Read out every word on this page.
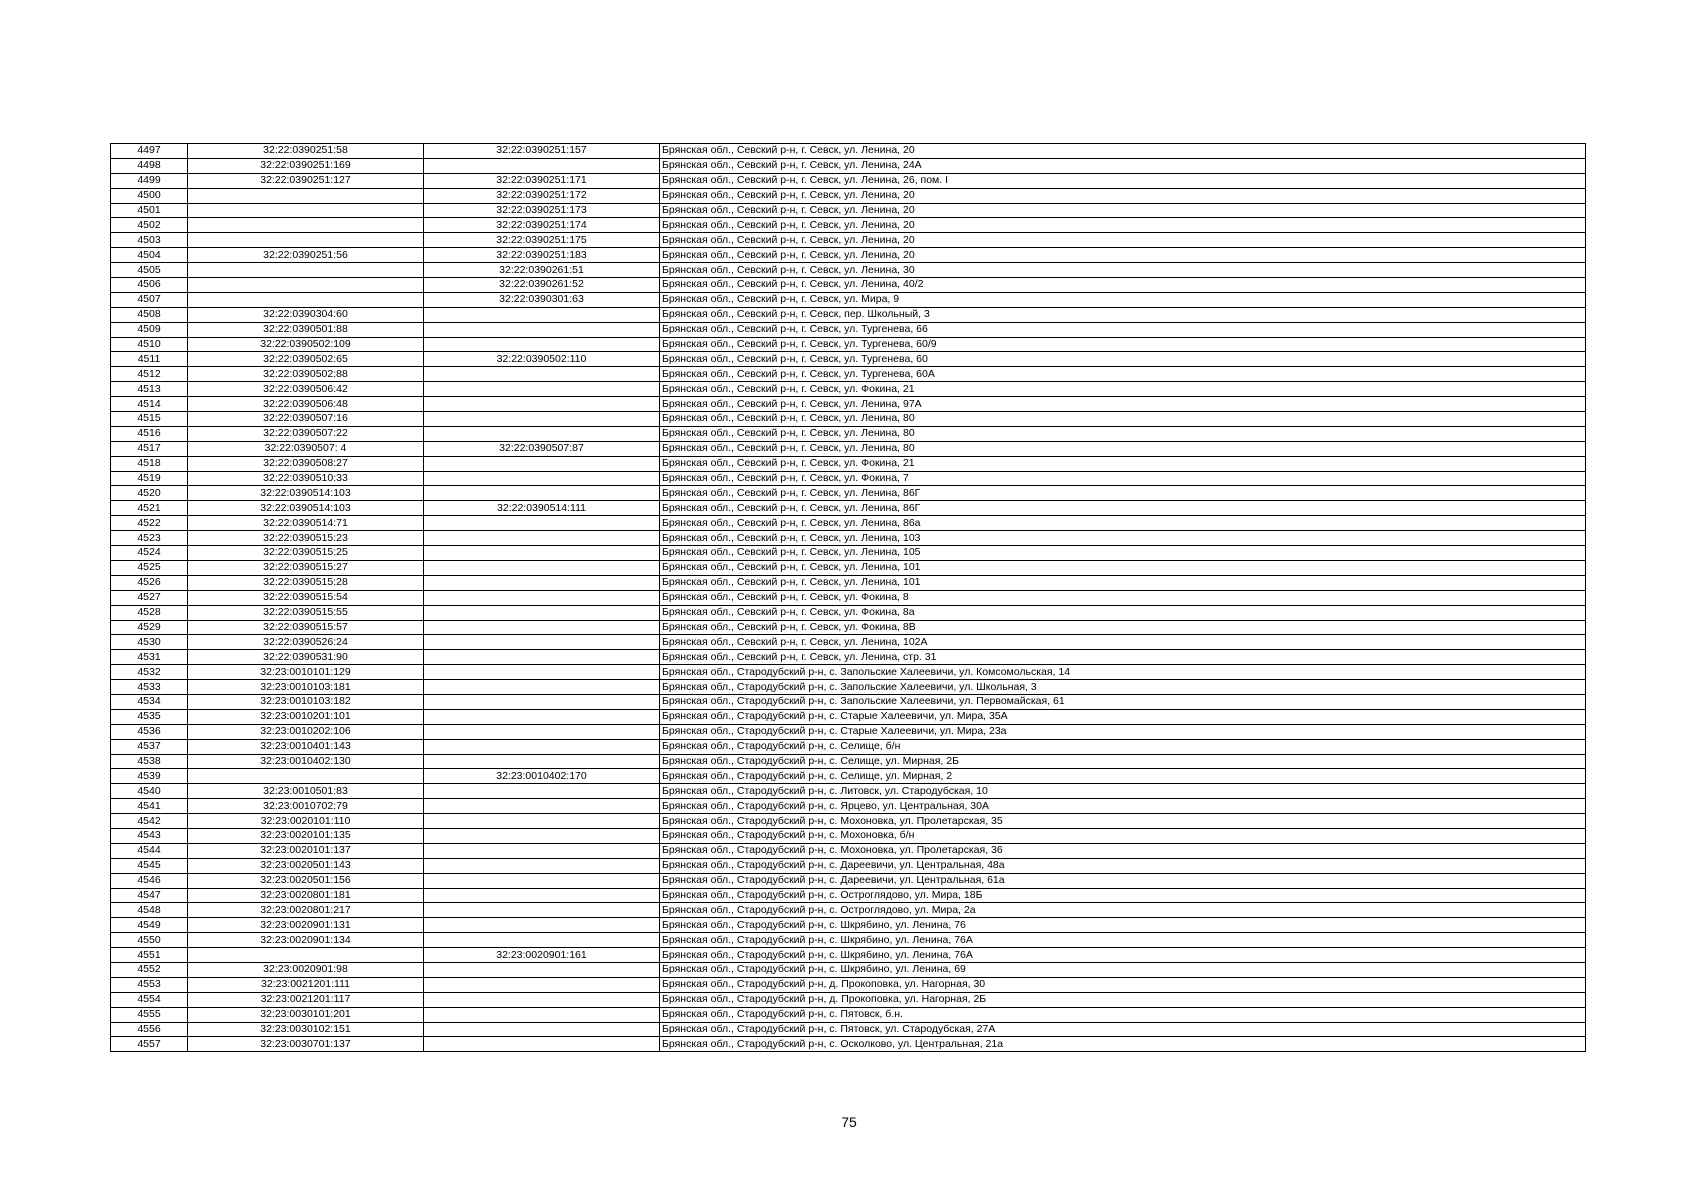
4497	32:22:0390251:58	32:22:0390251:157	Брянская обл., Севский р-н, г. Севск, ул. Ленина, 20
4498	32:22:0390251:169		Брянская обл., Севский р-н, г. Севск, ул. Ленина, 24А
4499	32:22:0390251:127	32:22:0390251:171	Брянская обл., Севский р-н, г. Севск, ул. Ленина, 26, пом. I
4500		32:22:0390251:172	Брянская обл., Севский р-н, г. Севск, ул. Ленина, 20
4501		32:22:0390251:173	Брянская обл., Севский р-н, г. Севск, ул. Ленина, 20
4502		32:22:0390251:174	Брянская обл., Севский р-н, г. Севск, ул. Ленина, 20
4503		32:22:0390251:175	Брянская обл., Севский р-н, г. Севск, ул. Ленина, 20
4504	32:22:0390251:56	32:22:0390251:183	Брянская обл., Севский р-н, г. Севск, ул. Ленина, 20
4505		32:22:0390261:51	Брянская обл., Севский р-н, г. Севск, ул. Ленина, 30
4506		32:22:0390261:52	Брянская обл., Севский р-н, г. Севск, ул. Ленина, 40/2
4507		32:22:0390301:63	Брянская обл., Севский р-н, г. Севск, ул. Мира, 9
4508	32:22:0390304:60		Брянская обл., Севский р-н, г. Севск, пер. Школьный, 3
4509	32:22:0390501:88		Брянская обл., Севский р-н, г. Севск, ул. Тургенева, 66
4510	32:22:0390502:109		Брянская обл., Севский р-н, г. Севск, ул. Тургенева, 60/9
4511	32:22:0390502:65	32:22:0390502:110	Брянская обл., Севский р-н, г. Севск, ул. Тургенева, 60
4512	32:22:0390502:88		Брянская обл., Севский р-н, г. Севск, ул. Тургенева, 60А
4513	32:22:0390506:42		Брянская обл., Севский р-н, г. Севск, ул. Фокина, 21
4514	32:22:0390506:48		Брянская обл., Севский р-н, г. Севск, ул. Ленина, 97А
4515	32:22:0390507:16		Брянская обл., Севский р-н, г. Севск, ул. Ленина, 80
4516	32:22:0390507:22		Брянская обл., Севский р-н, г. Севск, ул. Ленина, 80
4517	32:22:0390507: 4	32:22:0390507:87	Брянская обл., Севский р-н, г. Севск, ул. Ленина, 80
4518	32:22:0390508:27		Брянская обл., Севский р-н, г. Севск, ул. Фокина, 21
4519	32:22:0390510:33		Брянская обл., Севский р-н, г. Севск, ул. Фокина, 7
4520	32:22:0390514:103		Брянская обл., Севский р-н, г. Севск, ул. Ленина, 86Г
4521	32:22:0390514:103	32:22:0390514:111	Брянская обл., Севский р-н, г. Севск, ул. Ленина, 86Г
4522	32:22:0390514:71		Брянская обл., Севский р-н, г. Севск, ул. Ленина, 86а
4523	32:22:0390515:23		Брянская обл., Севский р-н, г. Севск, ул. Ленина, 103
4524	32:22:0390515:25		Брянская обл., Севский р-н, г. Севск, ул. Ленина, 105
4525	32:22:0390515:27		Брянская обл., Севский р-н, г. Севск, ул. Ленина, 101
4526	32:22:0390515:28		Брянская обл., Севский р-н, г. Севск, ул. Ленина, 101
4527	32:22:0390515:54		Брянская обл., Севский р-н, г. Севск, ул. Фокина, 8
4528	32:22:0390515:55		Брянская обл., Севский р-н, г. Севск, ул. Фокина, 8а
4529	32:22:0390515:57		Брянская обл., Севский р-н, г. Севск, ул. Фокина, 8В
4530	32:22:0390526:24		Брянская обл., Севский р-н, г. Севск, ул. Ленина, 102А
4531	32:22:0390531:90		Брянская обл., Севский р-н, г. Севск, ул. Ленина, стр. 31
4532	32:23:0010101:129		Брянская обл., Стародубский р-н, с. Запольские Халеевичи, ул. Комсомольская, 14
4533	32:23:0010103:181		Брянская обл., Стародубский р-н, с. Запольские Халеевичи, ул. Школьная, 3
4534	32:23:0010103:182		Брянская обл., Стародубский р-н, с. Запольские Халеевичи, ул. Первомайская, 61
4535	32:23:0010201:101		Брянская обл., Стародубский р-н, с. Старые Халеевичи, ул. Мира, 35А
4536	32:23:0010202:106		Брянская обл., Стародубский р-н, с. Старые Халеевичи, ул. Мира, 23а
4537	32:23:0010401:143		Брянская обл., Стародубский р-н, с. Селище, б/н
4538	32:23:0010402:130		Брянская обл., Стародубский р-н, с. Селище, ул. Мирная, 2Б
4539		32:23:0010402:170	Брянская обл., Стародубский р-н, с. Селище, ул. Мирная, 2
4540	32:23:0010501:83		Брянская обл., Стародубский р-н, с. Литовск, ул. Стародубская, 10
4541	32:23:0010702:79		Брянская обл., Стародубский р-н, с. Ярцево, ул. Центральная, 30А
4542	32:23:0020101:110		Брянская обл., Стародубский р-н, с. Мохоновка, ул. Пролетарская, 35
4543	32:23:0020101:135		Брянская обл., Стародубский р-н, с. Мохоновка, б/н
4544	32:23:0020101:137		Брянская обл., Стародубский р-н, с. Мохоновка, ул. Пролетарская, 36
4545	32:23:0020501:143		Брянская обл., Стародубский р-н, с. Дареевичи, ул. Центральная, 48а
4546	32:23:0020501:156		Брянская обл., Стародубский р-н, с. Дареевичи, ул. Центральная, 61а
4547	32:23:0020801:181		Брянская обл., Стародубский р-н, с. Остроглядово, ул. Мира, 18Б
4548	32:23:0020801:217		Брянская обл., Стародубский р-н, с. Остроглядово, ул. Мира, 2а
4549	32:23:0020901:131		Брянская обл., Стародубский р-н, с. Шкрябино, ул. Ленина, 76
4550	32:23:0020901:134		Брянская обл., Стародубский р-н, с. Шкрябино, ул. Ленина, 76А
4551		32:23:0020901:161	Брянская обл., Стародубский р-н, с. Шкрябино, ул. Ленина, 76А
4552	32:23:0020901:98		Брянская обл., Стародубский р-н, с. Шкрябино, ул. Ленина, 69
4553	32:23:0021201:111		Брянская обл., Стародубский р-н, д. Прокоповка, ул. Нагорная, 30
4554	32:23:0021201:117		Брянская обл., Стародубский р-н, д. Прокоповка, ул. Нагорная, 2Б
4555	32:23:0030101:201		Брянская обл., Стародубский р-н, с. Пятовск, б.н.
4556	32:23:0030102:151		Брянская обл., Стародубский р-н, с. Пятовск, ул. Стародубская, 27А
4557	32:23:0030701:137		Брянская обл., Стародубский р-н, с. Осколково, ул. Центральная, 21а
75
